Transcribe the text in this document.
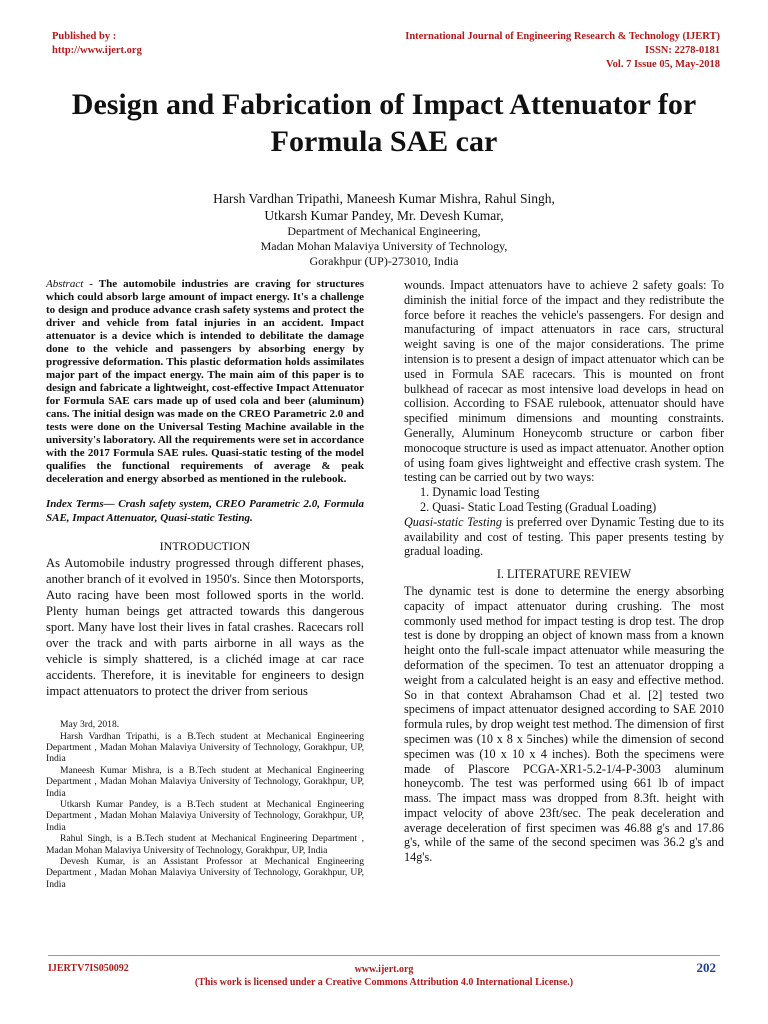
Published by :
http://www.ijert.org
International Journal of Engineering Research & Technology (IJERT)
ISSN: 2278-0181
Vol. 7 Issue 05, May-2018
Design and Fabrication of Impact Attenuator for Formula SAE car
Harsh Vardhan Tripathi, Maneesh Kumar Mishra, Rahul Singh,
Utkarsh Kumar Pandey, Mr. Devesh Kumar,
Department of Mechanical Engineering,
Madan Mohan Malaviya University of Technology,
Gorakhpur (UP)-273010, India
Abstract - The automobile industries are craving for structures which could absorb large amount of impact energy. It's a challenge to design and produce advance crash safety systems and protect the driver and vehicle from fatal injuries in an accident. Impact attenuator is a device which is intended to debilitate the damage done to the vehicle and passengers by absorbing energy by progressive deformation. This plastic deformation holds assimilates major part of the impact energy. The main aim of this paper is to design and fabricate a lightweight, cost-effective Impact Attenuator for Formula SAE cars made up of used cola and beer (aluminum) cans. The initial design was made on the CREO Parametric 2.0 and tests were done on the Universal Testing Machine available in the university's laboratory. All the requirements were set in accordance with the 2017 Formula SAE rules. Quasi-static testing of the model qualifies the functional requirements of average & peak deceleration and energy absorbed as mentioned in the rulebook.
Index Terms— Crash safety system, CREO Parametric 2.0, Formula SAE, Impact Attenuator, Quasi-static Testing.
INTRODUCTION
As Automobile industry progressed through different phases, another branch of it evolved in 1950's. Since then Motorsports, Auto racing have been most followed sports in the world. Plenty human beings get attracted towards this dangerous sport. Many have lost their lives in fatal crashes. Racecars roll over the track and with parts airborne in all ways as the vehicle is simply shattered, is a clichéd image at car race accidents. Therefore, it is inevitable for engineers to design impact attenuators to protect the driver from serious
May 3rd, 2018.
Harsh Vardhan Tripathi, is a B.Tech student at Mechanical Engineering Department , Madan Mohan Malaviya University of Technology, Gorakhpur, UP, India
Maneesh Kumar Mishra, is a B.Tech student at Mechanical Engineering Department , Madan Mohan Malaviya University of Technology, Gorakhpur, UP, India
Utkarsh Kumar Pandey, is a B.Tech student at Mechanical Engineering Department , Madan Mohan Malaviya University of Technology, Gorakhpur, UP, India
Rahul Singh, is a B.Tech student at Mechanical Engineering Department , Madan Mohan Malaviya University of Technology, Gorakhpur, UP, India
Devesh Kumar, is an Assistant Professor at Mechanical Engineering Department , Madan Mohan Malaviya University of Technology, Gorakhpur, UP, India
wounds. Impact attenuators have to achieve 2 safety goals: To diminish the initial force of the impact and they redistribute the force before it reaches the vehicle's passengers. For design and manufacturing of impact attenuators in race cars, structural weight saving is one of the major considerations. The prime intension is to present a design of impact attenuator which can be used in Formula SAE racecars. This is mounted on front bulkhead of racecar as most intensive load develops in head on collision. According to FSAE rulebook, attenuator should have specified minimum dimensions and mounting constraints. Generally, Aluminum Honeycomb structure or carbon fiber monocoque structure is used as impact attenuator. Another option of using foam gives lightweight and effective crash system. The testing can be carried out by two ways:
1. Dynamic load Testing
2. Quasi- Static Load Testing (Gradual Loading)
Quasi-static Testing is preferred over Dynamic Testing due to its availability and cost of testing. This paper presents testing by gradual loading.
I. LITERATURE REVIEW
The dynamic test is done to determine the energy absorbing capacity of impact attenuator during crushing. The most commonly used method for impact testing is drop test. The drop test is done by dropping an object of known mass from a known height onto the full-scale impact attenuator while measuring the deformation of the specimen. To test an attenuator dropping a weight from a calculated height is an easy and effective method. So in that context Abrahamson Chad et al. [2] tested two specimens of impact attenuator designed according to SAE 2010 formula rules, by drop weight test method. The dimension of first specimen was (10 x 8 x 5inches) while the dimension of second specimen was (10 x 10 x 4 inches). Both the specimens were made of Plascore PCGA-XR1-5.2-1/4-P-3003 aluminum honeycomb. The test was performed using 661 lb of impact mass. The impact mass was dropped from 8.3ft. height with impact velocity of above 23ft/sec. The peak deceleration and average deceleration of first specimen was 46.88 g's and 17.86 g's, while of the same of the second specimen was 36.2 g's and 14g's.
IJERTV7IS050092	www.ijert.org
(This work is licensed under a Creative Commons Attribution 4.0 International License.)
202
